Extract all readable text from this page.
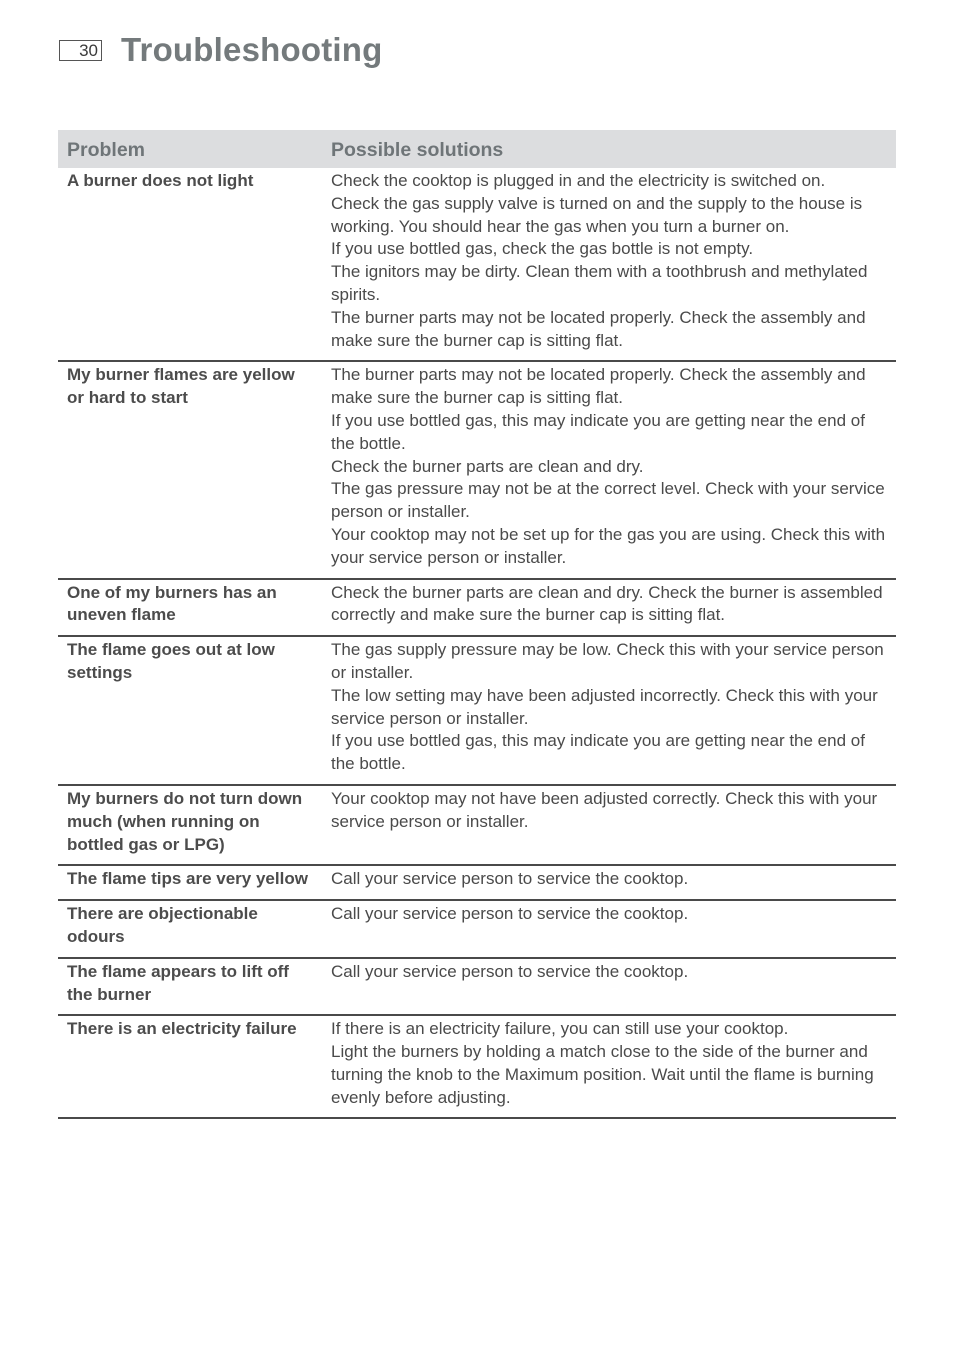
30 Troubleshooting
Problem	Possible solutions
A burner does not light	Check the cooktop is plugged in and the electricity is switched on.
Check the gas supply valve is turned on and the supply to the house is working. You should hear the gas when you turn a burner on.
If you use bottled gas, check the gas bottle is not empty.
The ignitors may be dirty. Clean them with a toothbrush and methylated spirits.
The burner parts may not be located properly. Check the assembly and make sure the burner cap is sitting flat.

My burner flames are yellow or hard to start	The burner parts may not be located properly. Check the assembly and make sure the burner cap is sitting flat.
If you use bottled gas, this may indicate you are getting near the end of the bottle.
Check the burner parts are clean and dry.
The gas pressure may not be at the correct level. Check with your service person or installer.
Your cooktop may not be set up for the gas you are using. Check this with your service person or installer.

One of my burners has an uneven flame	Check the burner parts are clean and dry. Check the burner is assembled correctly and make sure the burner cap is sitting flat.

The flame goes out at low settings	The gas supply pressure may be low. Check this with your service person or installer.
The low setting may have been adjusted incorrectly. Check this with your service person or installer.
If you use bottled gas, this may indicate you are getting near the end of the bottle.

My burners do not turn down much (when running on bottled gas or LPG)	Your cooktop may not have been adjusted correctly. Check this with your service person or installer.

The flame tips are very yellow	Call your service person to service the cooktop.

There are objectionable odours	Call your service person to service the cooktop.

The flame appears to lift off the burner	Call your service person to service the cooktop.

There is an electricity failure	If there is an electricity failure, you can still use your cooktop.
Light the burners by holding a match close to the side of the burner and turning the knob to the Maximum position. Wait until the flame is burning evenly before adjusting.
